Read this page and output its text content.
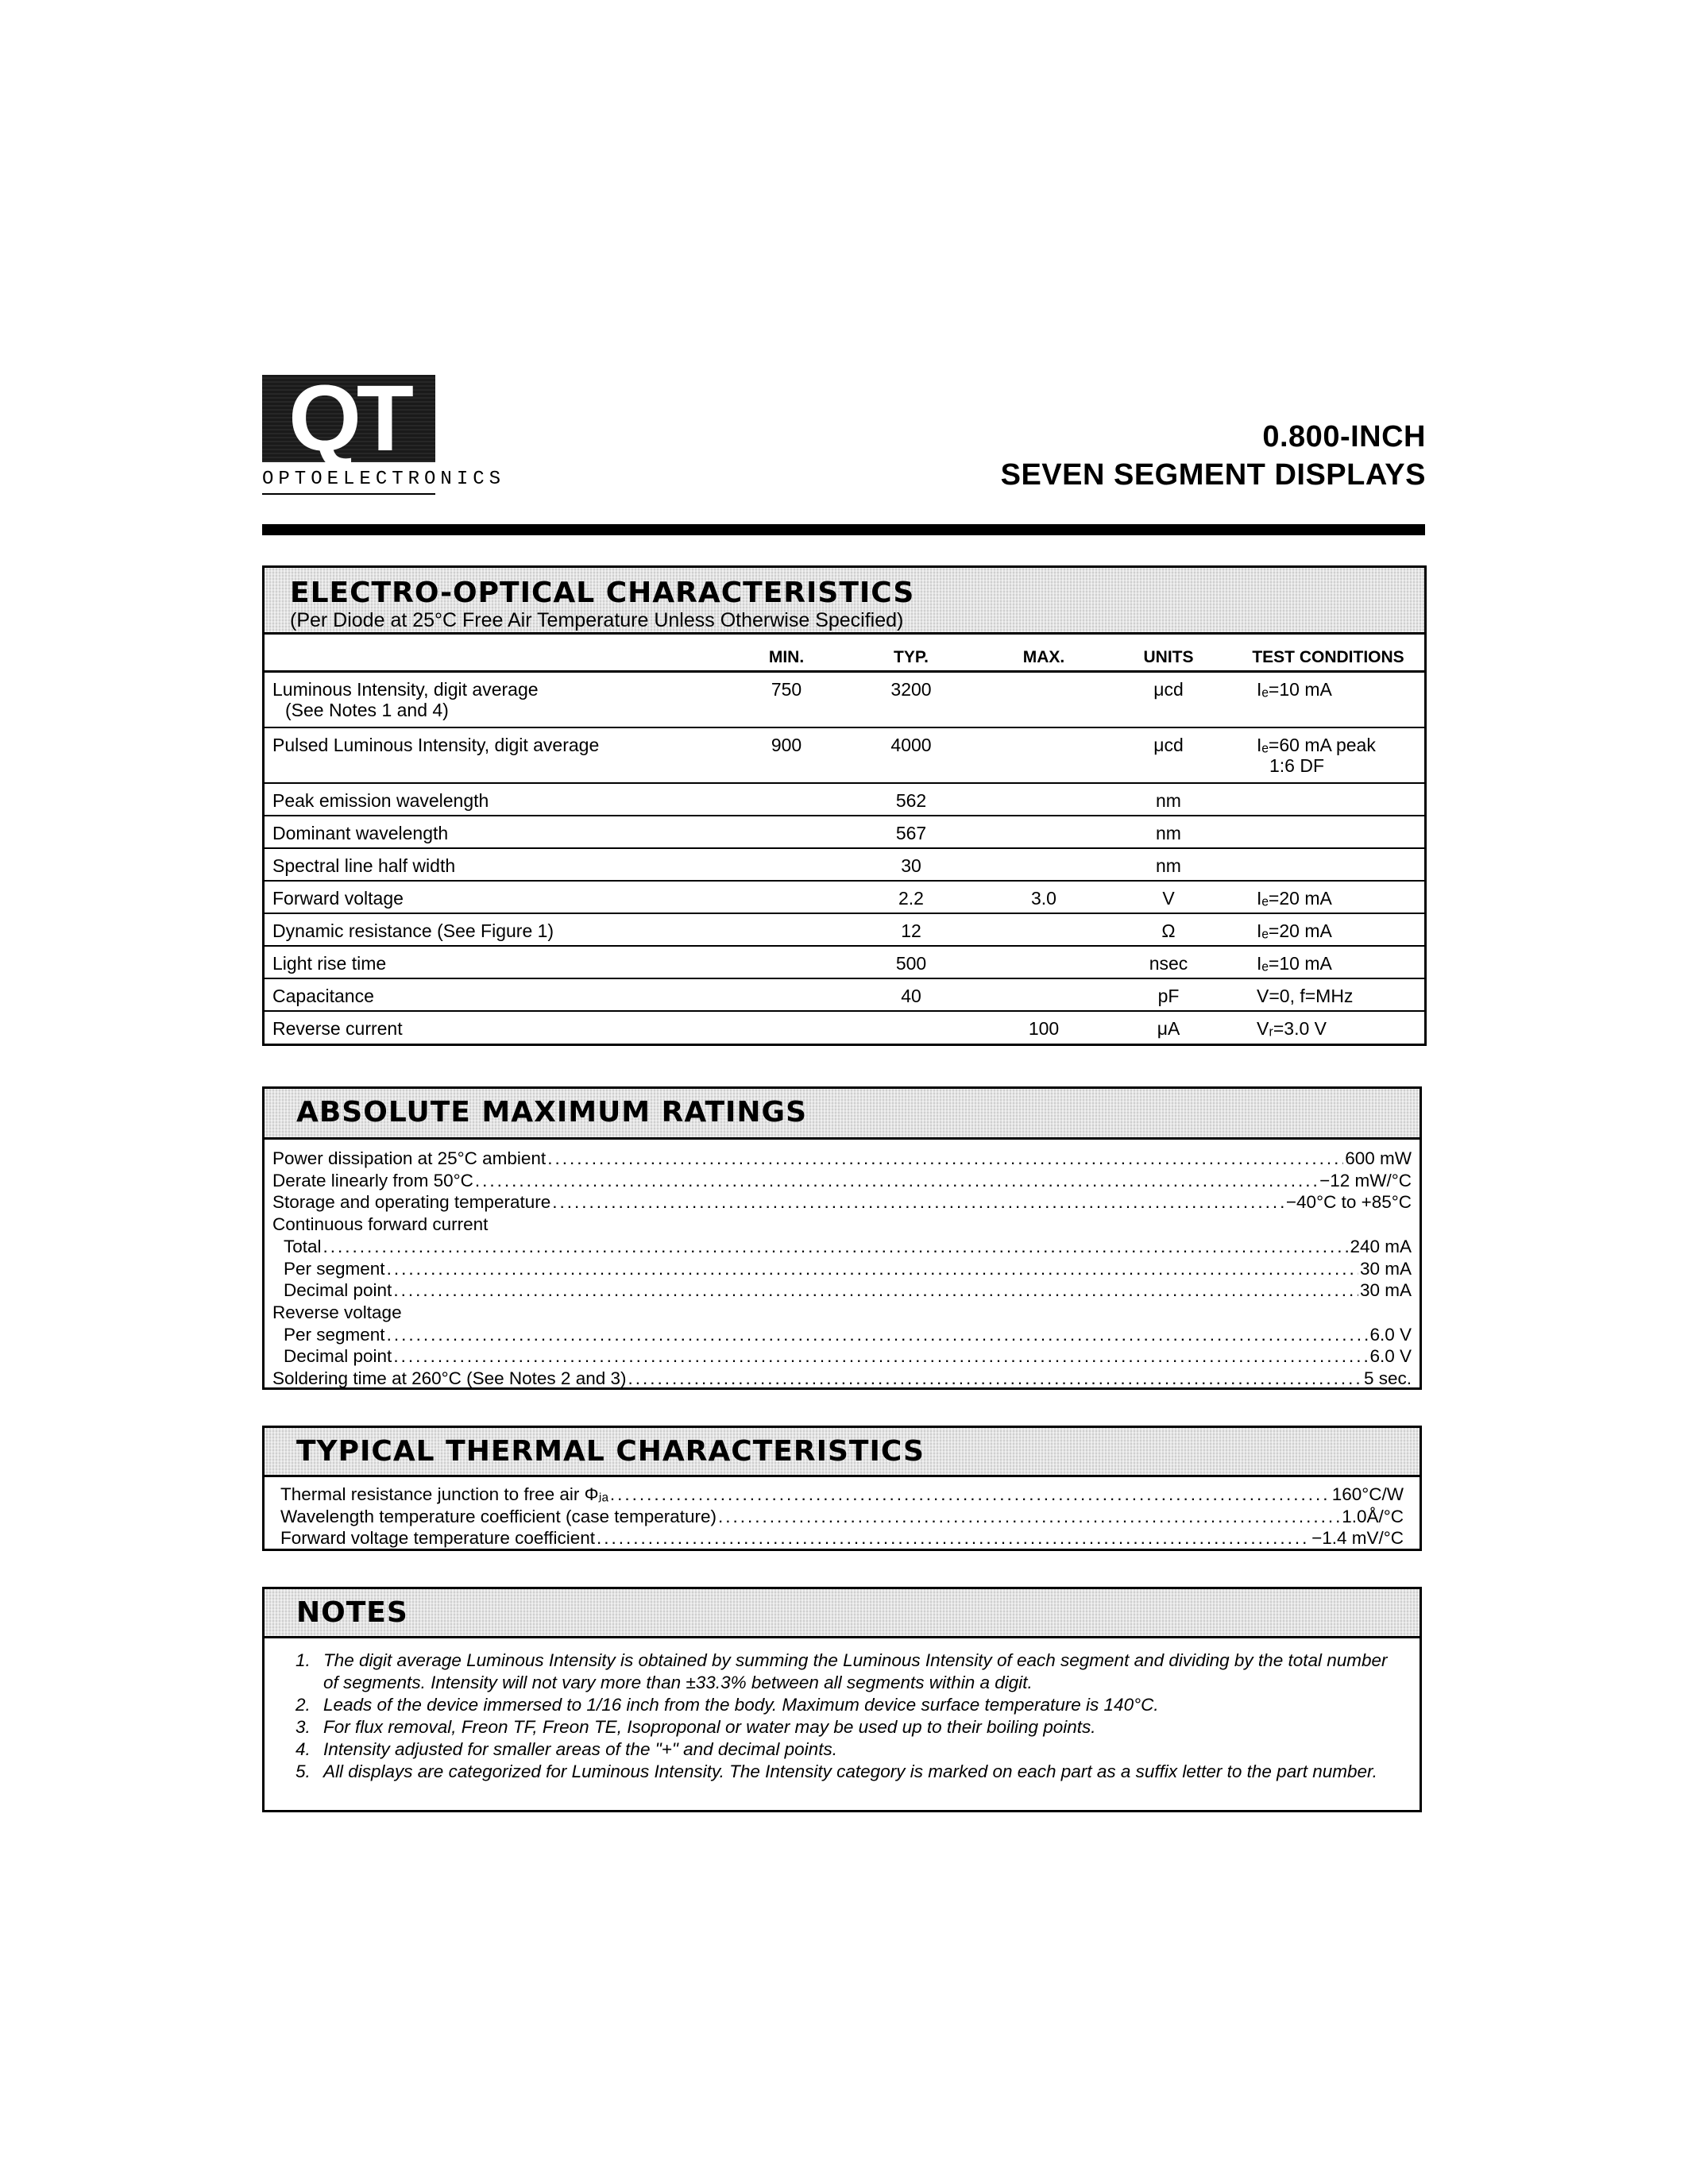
QT
OPTOELECTRONICS
0.800-INCH
SEVEN SEGMENT DISPLAYS
ELECTRO-OPTICAL CHARACTERISTICS
(Per Diode at 25°C Free Air Temperature Unless Otherwise Specified)
	MIN.	TYP.	MAX.	UNITS	TEST CONDITIONS

Luminous Intensity, digit average
(See Notes 1 and 4)	750	3200		μcd	Iₑ=10 mA

Pulsed Luminous Intensity, digit average	900	4000		μcd	Iₑ=60 mA peak
1:6 DF

Peak emission wavelength		562		nm	
Dominant wavelength		567		nm	
Spectral line half width		30		nm	
Forward voltage		2.2	3.0	V	Iₑ=20 mA
Dynamic resistance (See Figure 1)		12		Ω	Iₑ=20 mA
Light rise time		500		nsec	Iₑ=10 mA
Capacitance		40		pF	V=0, f=MHz
Reverse current			100	μA	Vᵣ=3.0 V
ABSOLUTE MAXIMUM RATINGS
Power dissipation at 25°C ambient .....	600 mW
Derate linearly from 50°C .....	−12 mW/°C
Storage and operating temperature .....	−40°C to +85°C
Continuous forward current
Total .....	240 mA
Per segment .....	30 mA
Decimal point .....	30 mA
Reverse voltage
Per segment .....	6.0 V
Decimal point .....	6.0 V
Soldering time at 260°C (See Notes 2 and 3) .....	5 sec.
TYPICAL THERMAL CHARACTERISTICS
Thermal resistance junction to free air Φⱼₐ .....	160°C/W
Wavelength temperature coefficient (case temperature) .....	1.0Å/°C
Forward voltage temperature coefficient .....	−1.4 mV/°C
NOTES
1. The digit average Luminous Intensity is obtained by summing the Luminous Intensity of each segment and dividing by the total number of segments. Intensity will not vary more than ±33.3% between all segments within a digit.
2. Leads of the device immersed to 1/16 inch from the body. Maximum device surface temperature is 140°C.
3. For flux removal, Freon TF, Freon TE, Isoproponal or water may be used up to their boiling points.
4. Intensity adjusted for smaller areas of the "+" and decimal points.
5. All displays are categorized for Luminous Intensity. The Intensity category is marked on each part as a suffix letter to the part number.
